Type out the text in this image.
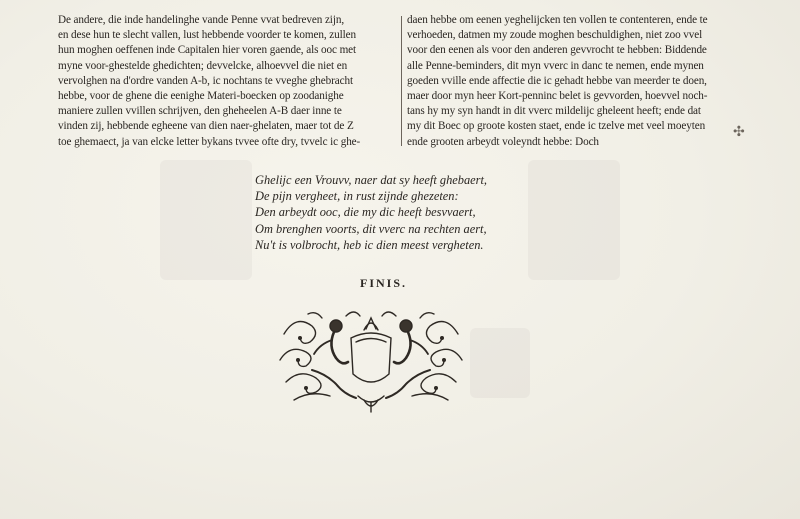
De andere, die inde handelinghe vande Penne vvat bedreven zijn,
en dese hun te slecht vallen, lust hebbende voorder te komen, zullen
hun moghen oeffenen inde Capitalen hier voren gaende, als ooc met
myne voor-ghestelde ghedichten; devvelcke, alhoevvel die niet en
vervolghen na d'ordre vanden A-b, ic nochtans te vveghe ghebracht
hebbe, voor de ghene die eenighe Materi-boecken op zoodanighe
maniere zullen vvillen schrijven, den gheheelen A-B daer inne te
vinden zij, hebbende egheene van dien naer-ghelaten, maer tot de Z
toe ghemaect, ja van elcke letter bykans tvvee ofte dry, tvvelc ic ghe-
daen hebbe om eenen yeghelijcken ten vollen te contenteren, ende te
verhoeden, datmen my zoude moghen beschuldighen, niet zoo vvel
voor den eenen als voor den anderen gevvrocht te hebben: Biddende
alle Penne-beminders, dit myn vverc in danc te nemen, ende mynen
goeden vville ende affectie die ic gehadt hebbe van meerder te doen,
maer door myn heer Kort-penninc belet is gevvorden, hoevvel noch-
tans hy my syn handt in dit vverc mildelijc gheleent heeft; ende dat
my dit Boec op groote kosten staet, ende ic tzelve met veel moeyten
ende grooten arbeydt voleyndt hebbe: Doch
✣
Ghelijc een Vrouvv, naer dat sy heeft ghebaert,
De pijn vergheet, in rust zijnde ghezeten:
Den arbeydt ooc, die my dic heeft besvvaert,
Om brenghen voorts, dit vverc na rechten aert,
Nu't is volbrocht, heb ic dien meest vergheten.
FINIS.
